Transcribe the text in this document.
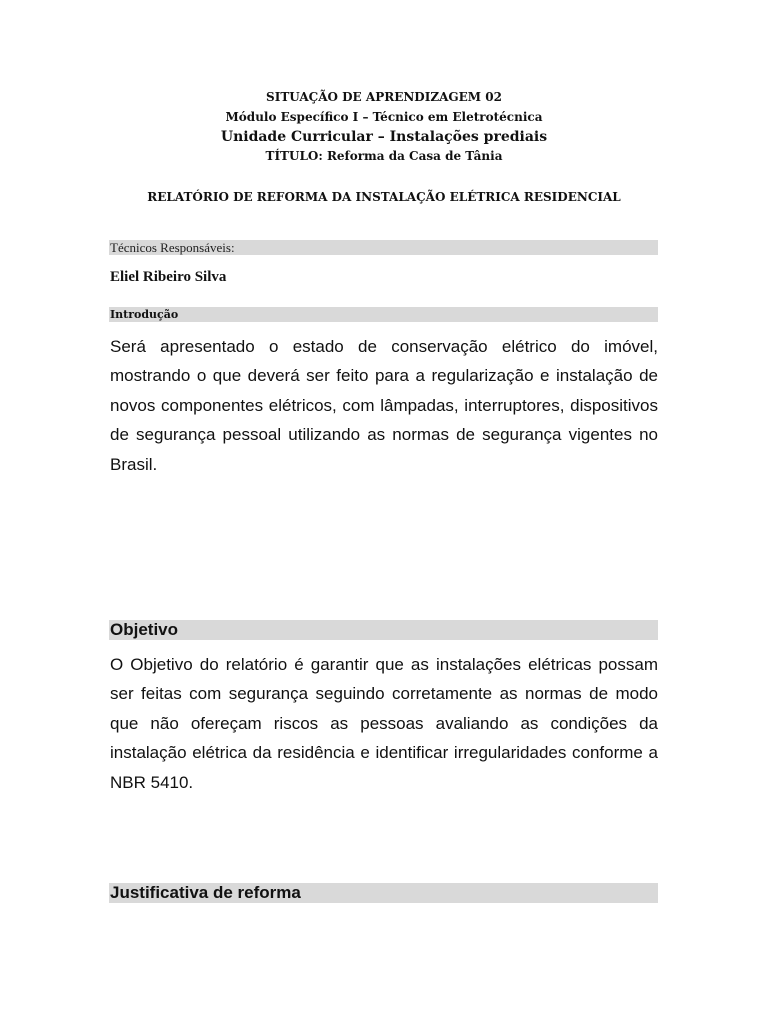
SITUAÇÃO DE APRENDIZAGEM 02
Módulo Específico I – Técnico em Eletrotécnica
Unidade Curricular – Instalações prediais
TÍTULO: Reforma da Casa de Tânia
RELATÓRIO DE REFORMA DA INSTALAÇÃO ELÉTRICA RESIDENCIAL
Técnicos Responsáveis:
Eliel Ribeiro Silva
Introdução

Será apresentado o estado de conservação elétrico do imóvel, mostrando o que deverá ser feito para a regularização e instalação de novos componentes elétricos, com lâmpadas, interruptores, dispositivos de segurança pessoal utilizando as normas de segurança vigentes no Brasil.

Objetivo

O Objetivo do relatório é garantir que as instalações elétricas possam ser feitas com segurança seguindo corretamente as normas de modo que não ofereçam riscos as pessoas avaliando as condições da instalação elétrica da residência e identificar irregularidades conforme a NBR 5410.

Justificativa de reforma
